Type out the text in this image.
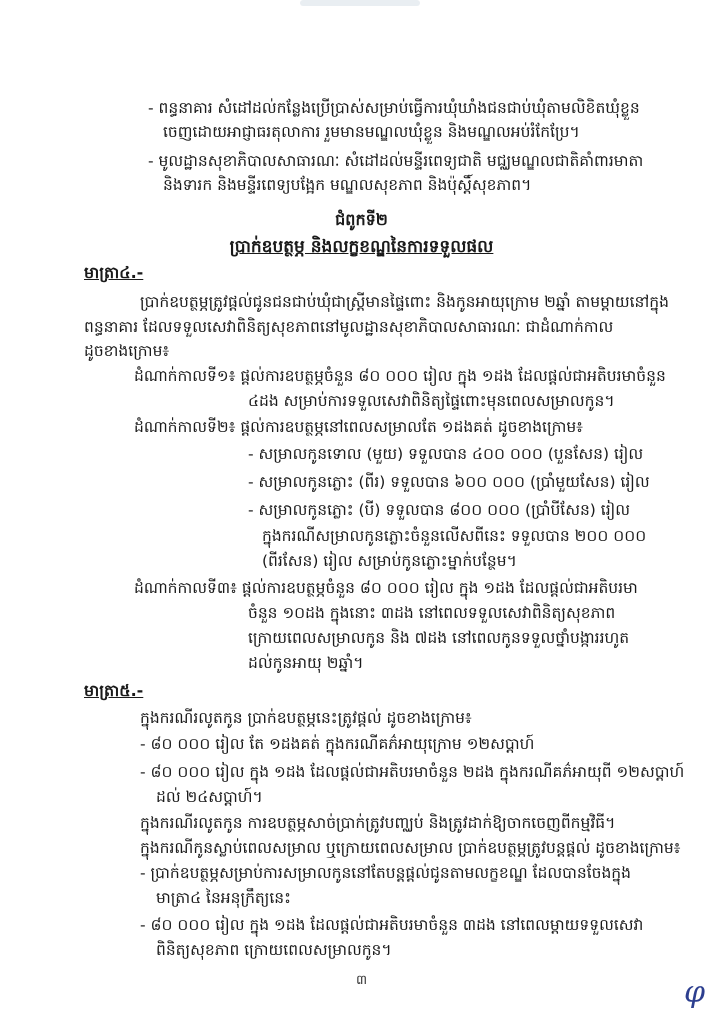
- ពន្ធនាគារ សំដៅដល់កន្លែងប្រើប្រាស់សម្រាប់ធ្វើការឃុំឃាំងជនជាប់ឃុំតាមលិខិតឃុំខ្លួន
ចេញដោយអាជ្ញាធរតុលាការ រួមមានមណ្ឌលឃុំខ្លួន និងមណ្ឌលអប់រំកែប្រែ។
- មូលដ្ឋានសុខាភិបាលសាធារណៈ សំដៅដល់មន្ទីរពេទ្យជាតិ មជ្ឈមណ្ឌលជាតិគាំពារមាតា
និងទារក និងមន្ទីរពេទ្យបង្អែក មណ្ឌលសុខភាព និងប៉ុស្តិ៍សុខភាព។
ជំពូកទី២
ប្រាក់ឧបត្ថម្ភ និងលក្ខខណ្ឌនៃការទទួលផល
មាត្រា៤.-
ប្រាក់ឧបត្ថម្ភត្រូវផ្ដល់ជូនជនជាប់ឃុំជាស្ត្រីមានផ្ទៃពោះ និងកូនអាយុក្រោម ២ឆ្នាំ តាមម្ដាយនៅក្នុង
ពន្ធនាគារ ដែលទទួលសេវាពិនិត្យសុខភាពនៅមូលដ្ឋានសុខាភិបាលសាធារណៈ ជាដំណាក់កាល
ដូចខាងក្រោម៖
ដំណាក់កាលទី១៖ ផ្ដល់ការឧបត្ថម្ភចំនួន ៨០ ០០០ រៀល ក្នុង ១ដង ដែលផ្ដល់ជាអតិបរមាចំនួន
៤ដង សម្រាប់ការទទួលសេវាពិនិត្យផ្ទៃពោះមុនពេលសម្រាលកូន។
ដំណាក់កាលទី២៖ ផ្ដល់ការឧបត្ថម្ភនៅពេលសម្រាលតែ ១ដងគត់ ដូចខាងក្រោម៖
- សម្រាលកូនទោល (មួយ) ទទួលបាន ៤០០ ០០០ (បួនសែន) រៀល
- សម្រាលកូនភ្លោះ (ពីរ) ទទួលបាន ៦០០ ០០០ (ប្រាំមួយសែន) រៀល
- សម្រាលកូនភ្លោះ (បី) ទទួលបាន ៨០០ ០០០ (ប្រាំបីសែន) រៀល
ក្នុងករណីសម្រាលកូនភ្លោះចំនួនលើសពីនេះ ទទួលបាន ២០០ ០០០
(ពីរសែន) រៀល សម្រាប់កូនភ្លោះម្នាក់បន្ថែម។
ដំណាក់កាលទី៣៖ ផ្ដល់ការឧបត្ថម្ភចំនួន ៨០ ០០០ រៀល ក្នុង ១ដង ដែលផ្ដល់ជាអតិបរមា
ចំនួន ១០ដង ក្នុងនោះ ៣ដង នៅពេលទទួលសេវាពិនិត្យសុខភាព
ក្រោយពេលសម្រាលកូន និង ៧ដង នៅពេលកូនទទួលថ្នាំបង្ការរហូត
ដល់កូនអាយុ ២ឆ្នាំ។
មាត្រា៥.-
ក្នុងករណីរលូតកូន ប្រាក់ឧបត្ថម្ភនេះត្រូវផ្ដល់ ដូចខាងក្រោម៖
- ៨០ ០០០ រៀល តែ ១ដងគត់ ក្នុងករណីគភ៌អាយុក្រោម ១២សប្ដាហ៍
- ៨០ ០០០ រៀល ក្នុង ១ដង ដែលផ្ដល់ជាអតិបរមាចំនួន ២ដង ក្នុងករណីគភ៌អាយុពី ១២សប្ដាហ៍
ដល់ ២៤សប្ដាហ៍។
ក្នុងករណីរលូតកូន ការឧបត្ថម្ភសាច់ប្រាក់ត្រូវបញ្ឈប់ និងត្រូវដាក់ឱ្យចាកចេញពីកម្មវិធី។
ក្នុងករណីកូនស្លាប់ពេលសម្រាល ឬក្រោយពេលសម្រាល ប្រាក់ឧបត្ថម្ភត្រូវបន្តផ្ដល់ ដូចខាងក្រោម៖
- ប្រាក់ឧបត្ថម្ភសម្រាប់ការសម្រាលកូននៅតែបន្តផ្ដល់ជូនតាមលក្ខខណ្ឌ ដែលបានចែងក្នុង
មាត្រា៤ នៃអនុក្រឹត្យនេះ
- ៨០ ០០០ រៀល ក្នុង ១ដង ដែលផ្ដល់ជាអតិបរមាចំនួន ៣ដង នៅពេលម្ដាយទទួលសេវា
ពិនិត្យសុខភាព ក្រោយពេលសម្រាលកូន។
៣	φ
